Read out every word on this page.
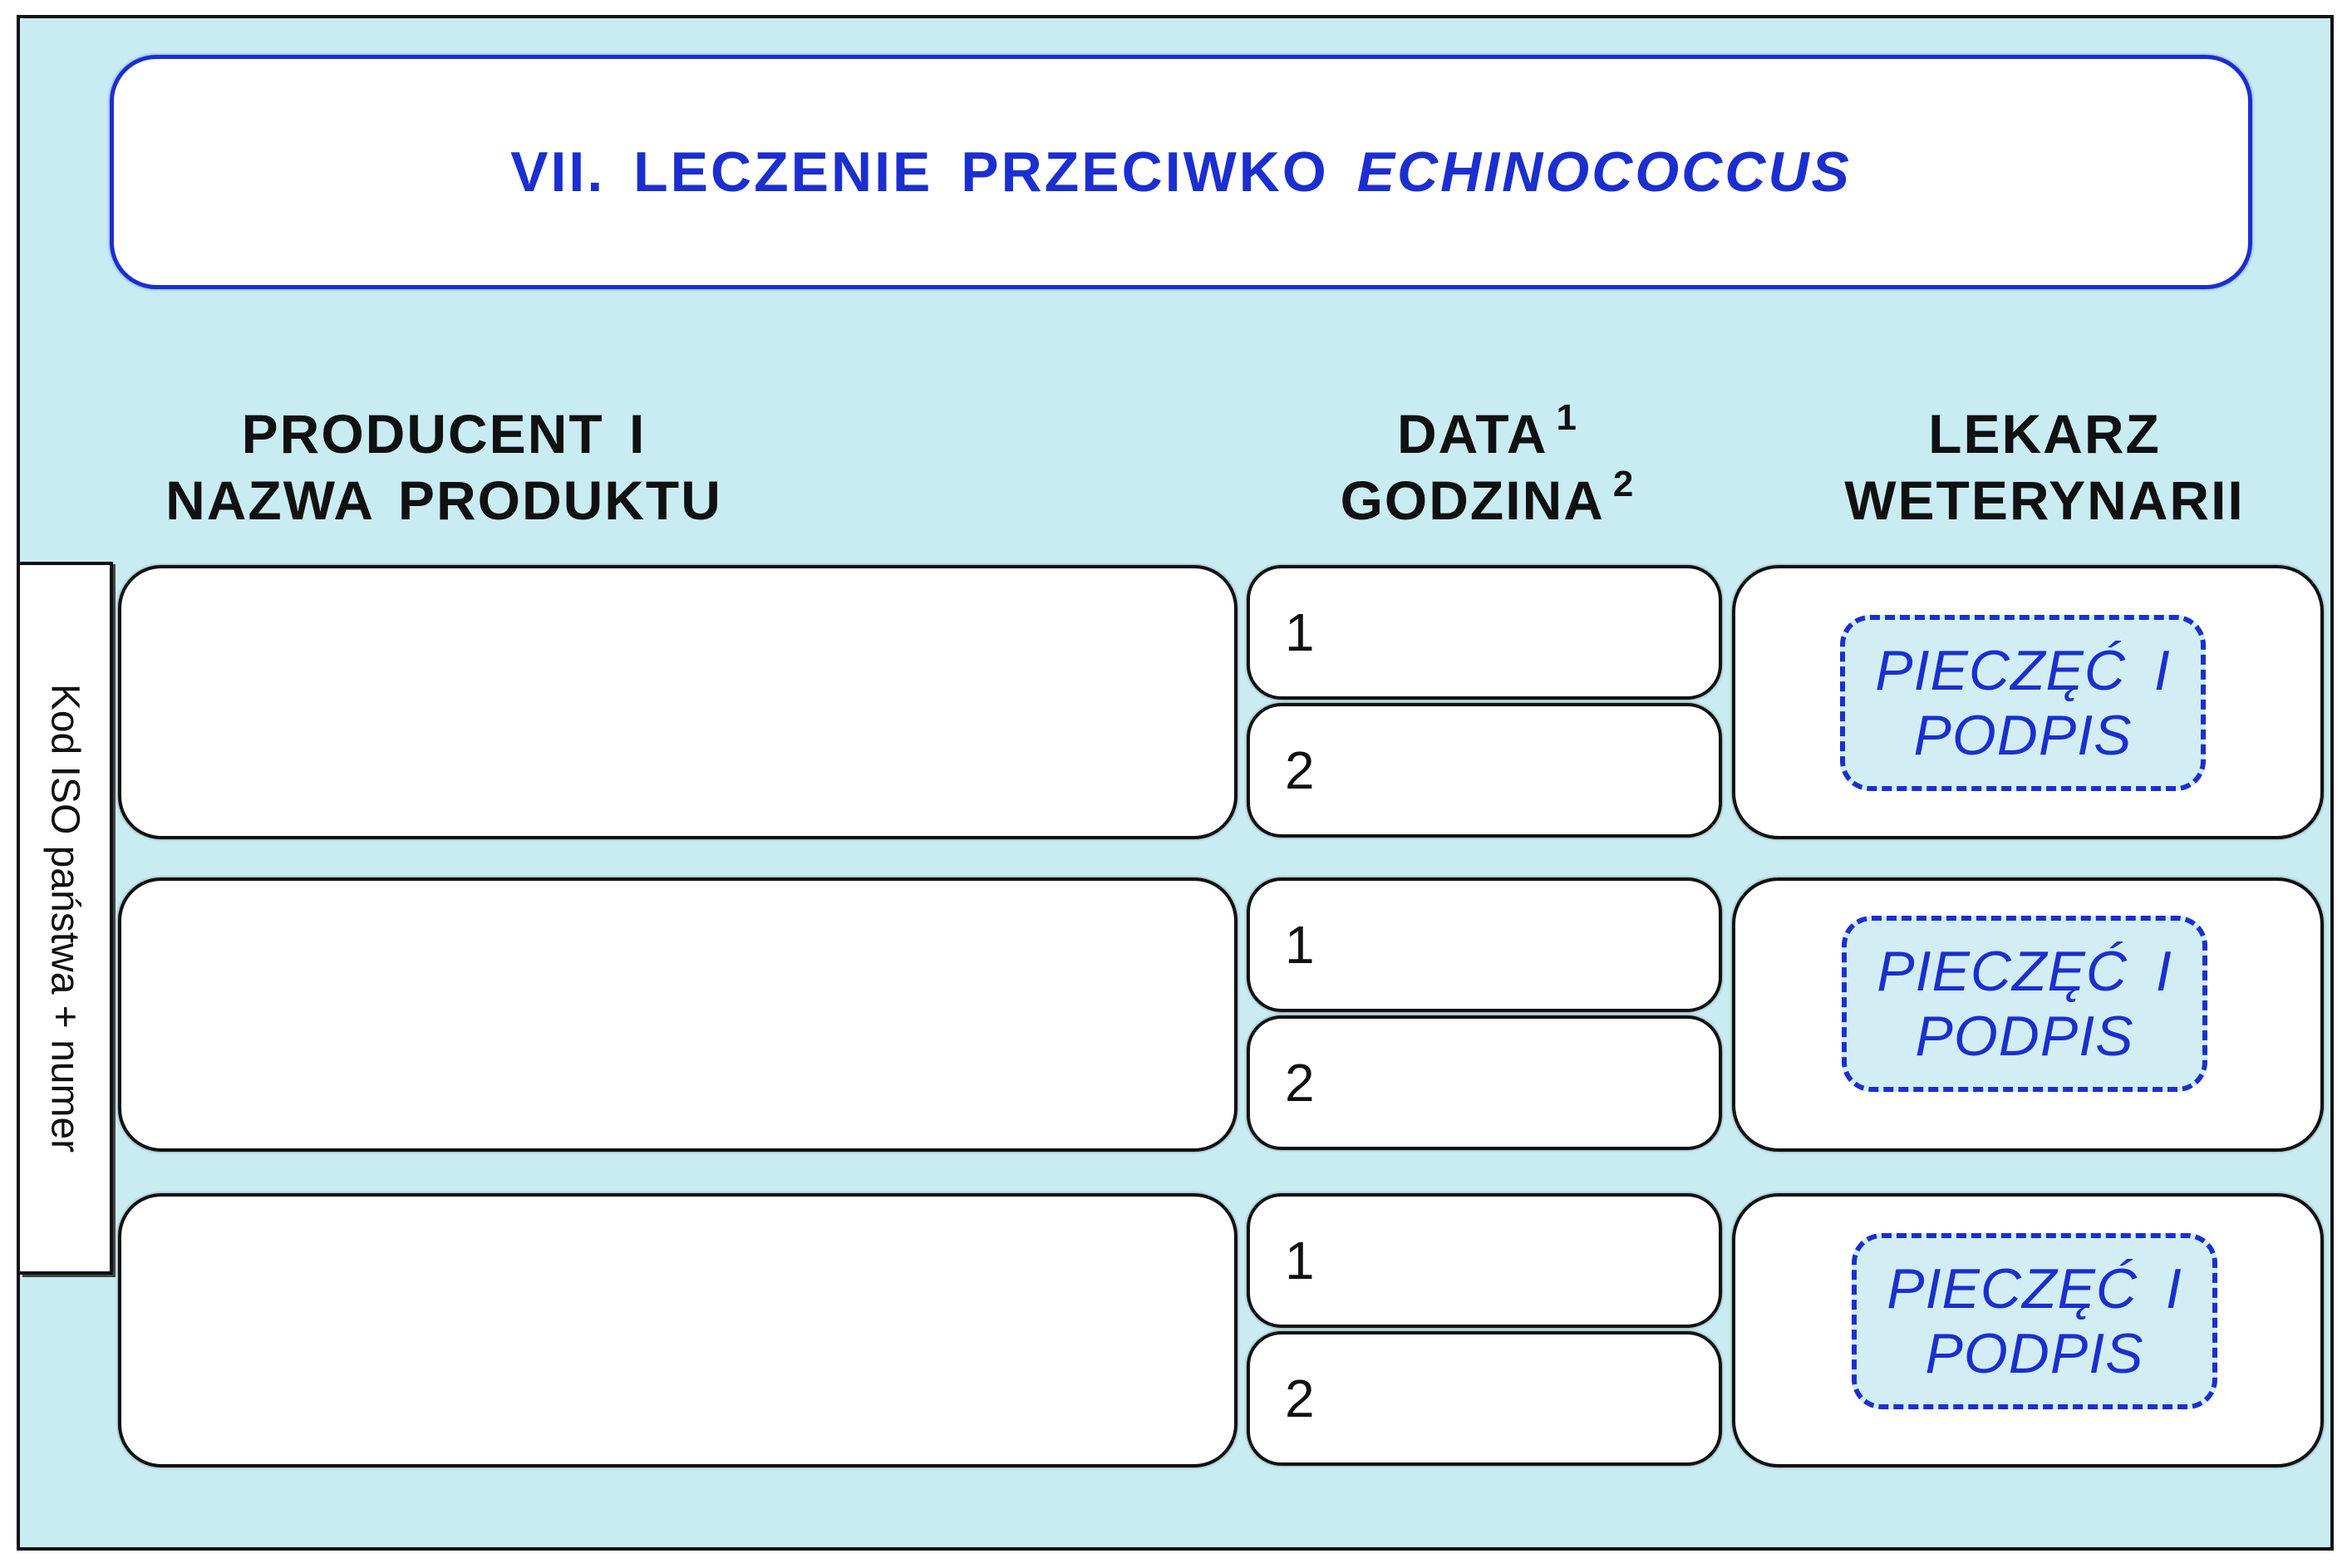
VII. LECZENIE PRZECIWKO ECHINOCOCCUS
PRODUCENT I
NAZWA PRODUKTU
DATA $^1$
GODZINA $^2$
LEKARZ
WETERYNARII
Kod ISO państwa + numer
1
2
PIECZĘĆ I
PODPIS
1
2
PIECZĘĆ I
PODPIS
1
2
PIECZĘĆ I
PODPIS
